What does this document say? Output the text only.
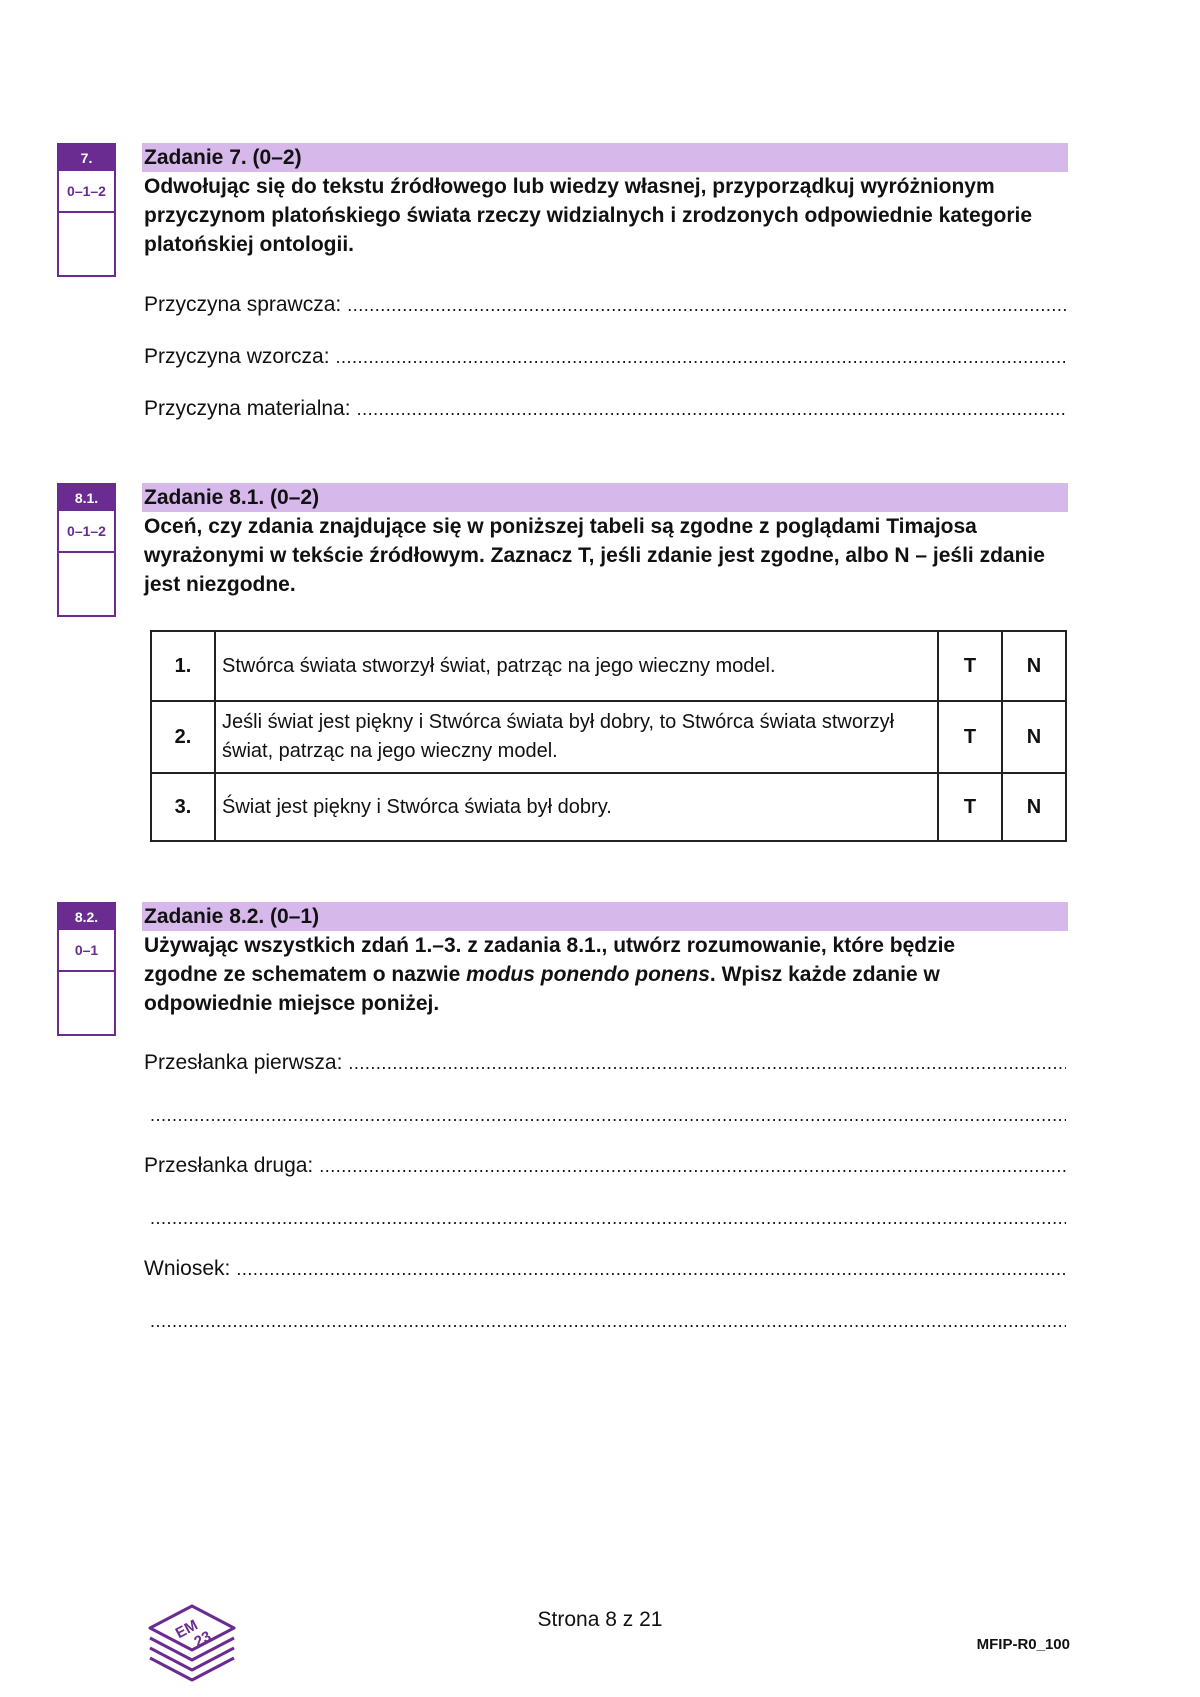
7.
0–1–2
Zadanie 7. (0–2)
Odwołując się do tekstu źródłowego lub wiedzy własnej, przyporządkuj wyróżnionym przyczynom platońskiego świata rzeczy widzialnych i zrodzonych odpowiednie kategorie platońskiej ontologii.
Przyczyna sprawcza:
.....
Przyczyna wzorcza:
.....
Przyczyna materialna:
.....
8.1.
0–1–2
Zadanie 8.1. (0–2)
Oceń, czy zdania znajdujące się w poniższej tabeli są zgodne z poglądami Timajosa wyrażonymi w tekście źródłowym. Zaznacz T, jeśli zdanie jest zgodne, albo N – jeśli zdanie jest niezgodne.
1.	Stwórca świata stworzył świat, patrząc na jego wieczny model.	T	N
2.	Jeśli świat jest piękny i Stwórca świata był dobry, to Stwórca świata stworzył świat, patrząc na jego wieczny model.	T	N
3.	Świat jest piękny i Stwórca świata był dobry.	T	N
8.2.
0–1
Zadanie 8.2. (0–1)
Używając wszystkich zdań 1.–3. z zadania 8.1., utwórz rozumowanie, które będzie zgodne ze schematem o nazwie modus ponendo ponens. Wpisz każde zdanie w odpowiednie miejsce poniżej.
Przesłanka pierwsza:
.....
.....
Przesłanka druga:
.....
.....
Wniosek:
.....
.....
EM
23
Strona 8 z 21
MFIP-R0_100
